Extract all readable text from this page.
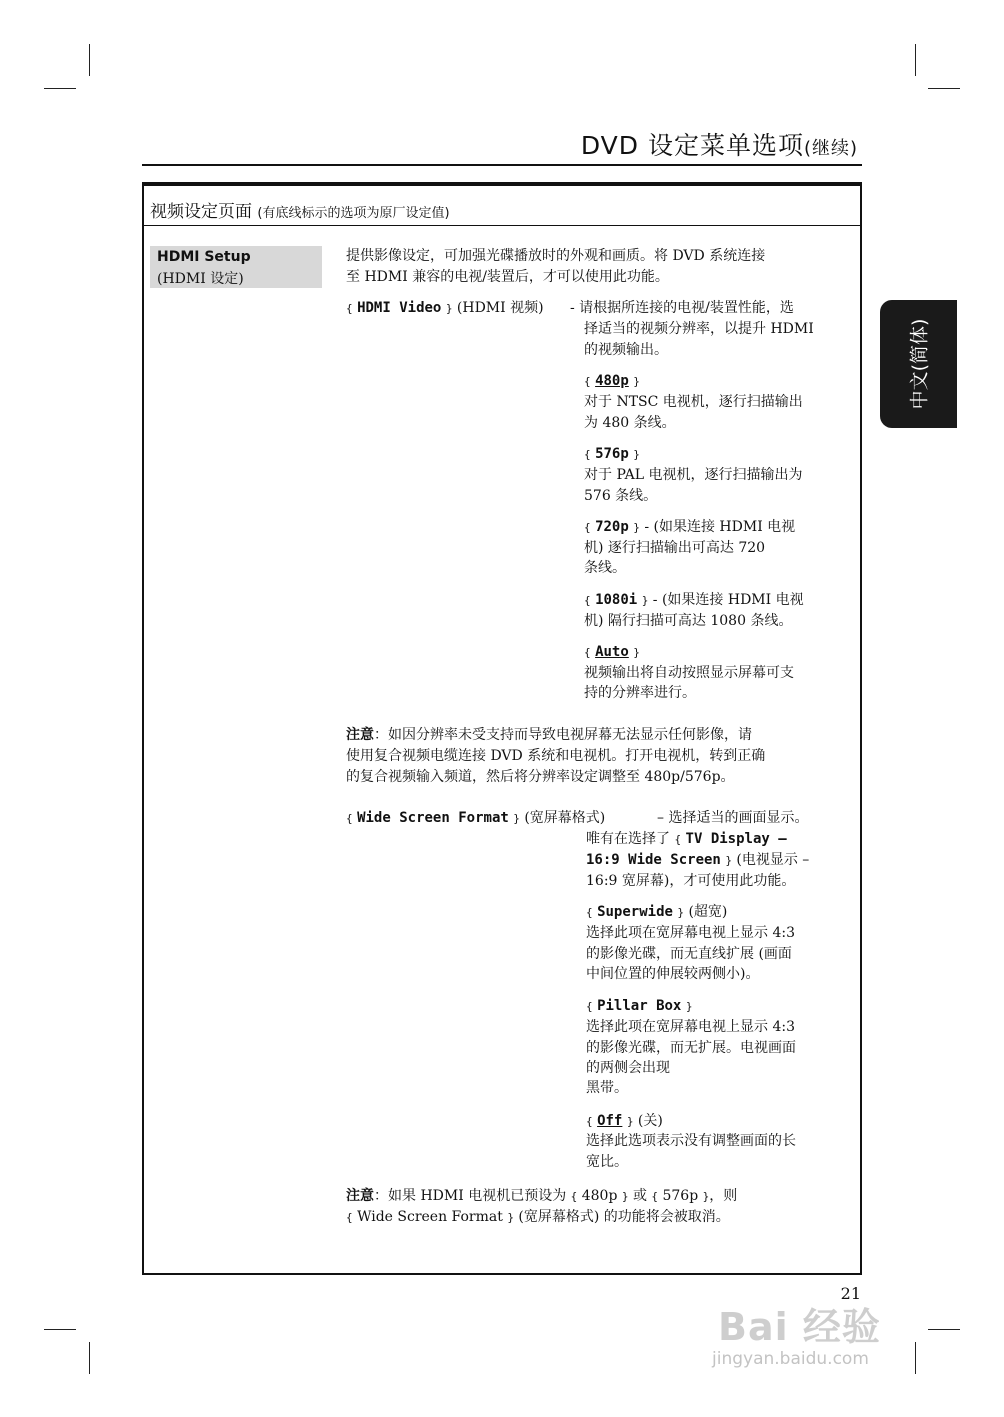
DVD 设定菜单选项(继续)
中文(简体)
视频设定页面 (有底线标示的选项为原厂设定值)
HDMI Setup
(HDMI 设定)
提供影像设定，可加强光碟播放时的外观和画质。将 DVD 系统连接
至 HDMI 兼容的电视/装置后，才可以使用此功能。
{ HDMI Video } (HDMI 视频) - 请根据所连接的电视/装置性能，选
择适当的视频分辨率，以提升 HDMI
的视频输出。
{ 480p }
对于 NTSC 电视机，逐行扫描输出
为 480 条线。
{ 576p }
对于 PAL 电视机，逐行扫描输出为
576 条线。
{ 720p } - (如果连接 HDMI 电视
机) 逐行扫描输出可高达 720
条线。
{ 1080i } - (如果连接 HDMI 电视
机) 隔行扫描可高达 1080 条线。
{ Auto }
视频输出将自动按照显示屏幕可支
持的分辨率进行。
注意：如因分辨率未受支持而导致电视屏幕无法显示任何影像，请
使用复合视频电缆连接 DVD 系统和电视机。打开电视机，转到正确
的复合视频输入频道，然后将分辨率设定调整至 480p/576p。
{ Wide Screen Format } (宽屏幕格式)	– 选择适当的画面显示。
唯有在选择了 { TV Display –
16:9 Wide Screen } (电视显示 –
16:9 宽屏幕)，才可使用此功能。
{ Superwide } (超宽)
选择此项在宽屏幕电视上显示 4:3
的影像光碟，而无直线扩展 (画面
中间位置的伸展较两侧小)。
{ Pillar Box }
选择此项在宽屏幕电视上显示 4:3
的影像光碟，而无扩展。电视画面
的两侧会出现
黑带。
{ Off } (关)
选择此选项表示没有调整画面的长
宽比。
注意：如果 HDMI 电视机已预设为 { 480p } 或 { 576p }，则
{ Wide Screen Format } (宽屏幕格式) 的功能将会被取消。
21
Bai 经验
jingyan.baidu.com
